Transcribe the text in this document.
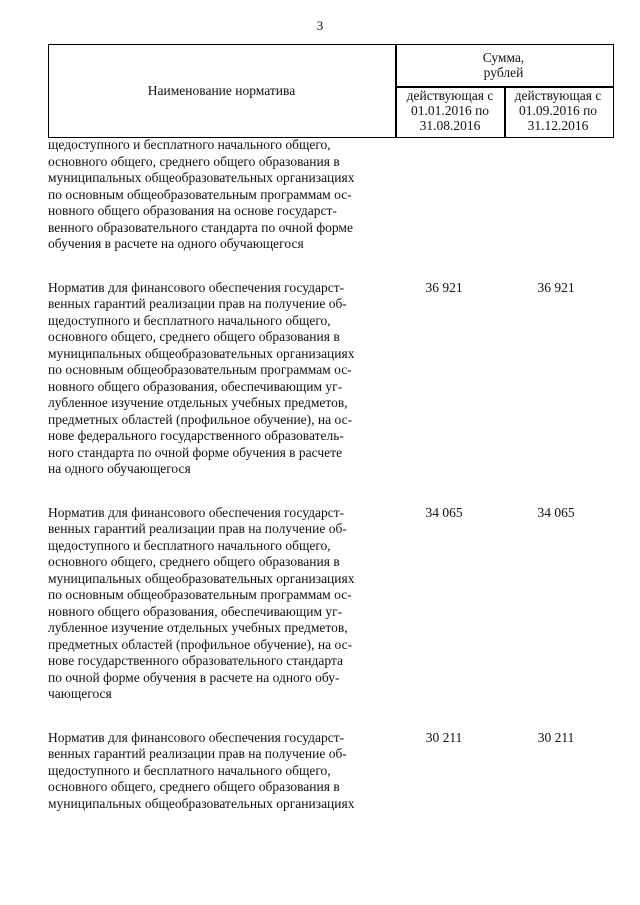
3
Наименование норматива
Сумма,
рублей
действующая с
01.01.2016 по
31.08.2016
действующая с
01.09.2016 по
31.12.2016
щедоступного и бесплатного начального общего,
основного общего, среднего общего образования в
муниципальных общеобразовательных организациях
по основным общеобразовательным программам ос-
новного общего образования на основе государст-
венного образовательного стандарта по очной форме
обучения в расчете на одного обучающегося
Норматив для финансового обеспечения государст-
венных гарантий реализации прав на получение об-
щедоступного и бесплатного начального общего,
основного общего, среднего общего образования в
муниципальных общеобразовательных организациях
по основным общеобразовательным программам ос-
новного общего образования, обеспечивающим уг-
лубленное изучение отдельных учебных предметов,
предметных областей (профильное обучение), на ос-
нове федерального государственного образователь-
ного стандарта по очной форме обучения в расчете
на одного обучающегося
36 921	36 921
Норматив для финансового обеспечения государст-
венных гарантий реализации прав на получение об-
щедоступного и бесплатного начального общего,
основного общего, среднего общего образования в
муниципальных общеобразовательных организациях
по основным общеобразовательным программам ос-
новного общего образования, обеспечивающим уг-
лубленное изучение отдельных учебных предметов,
предметных областей (профильное обучение), на ос-
нове государственного образовательного стандарта
по очной форме обучения в расчете на одного обу-
чающегося
34 065	34 065
Норматив для финансового обеспечения государст-
венных гарантий реализации прав на получение об-
щедоступного и бесплатного начального общего,
основного общего, среднего общего образования в
муниципальных общеобразовательных организациях
30 211	30 211
